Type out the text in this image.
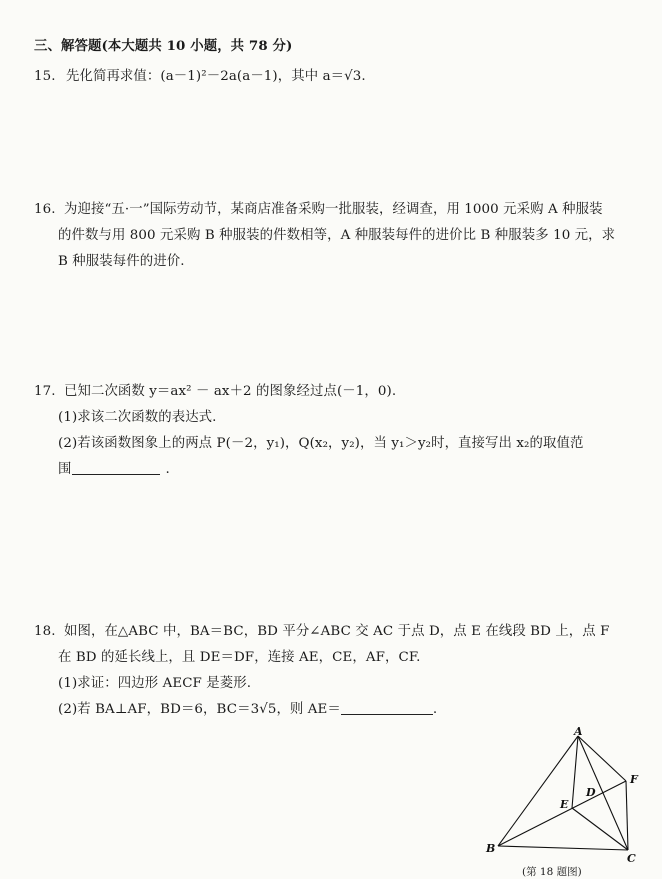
三、解答题(本大题共 10 小题，共 78 分)
15. 先化简再求值：(a－1)²－2a(a－1)，其中 a＝√3.
16. 为迎接“五·一”国际劳动节，某商店准备采购一批服装，经调查，用 1000 元采购 A 种服装
的件数与用 800 元采购 B 种服装的件数相等，A 种服装每件的进价比 B 种服装多 10 元，求
B 种服装每件的进价.
17. 已知二次函数 y＝ax² － ax＋2 的图象经过点(－1，0).
(1)求该二次函数的表达式.
(2)若该函数图象上的两点 P(－2，y₁)，Q(x₂，y₂)，当 y₁＞y₂时，直接写出 x₂的取值范
围	.
18. 如图，在△ABC 中，BA＝BC，BD 平分∠ABC 交 AC 于点 D，点 E 在线段 BD 上，点 F
在 BD 的延长线上，且 DE＝DF，连接 AE，CE，AF，CF.
(1)求证：四边形 AECF 是菱形.
(2)若 BA⊥AF，BD＝6，BC＝3√5，则 AE＝	.
A
B
C
D
E
F
(第 18 题图)
